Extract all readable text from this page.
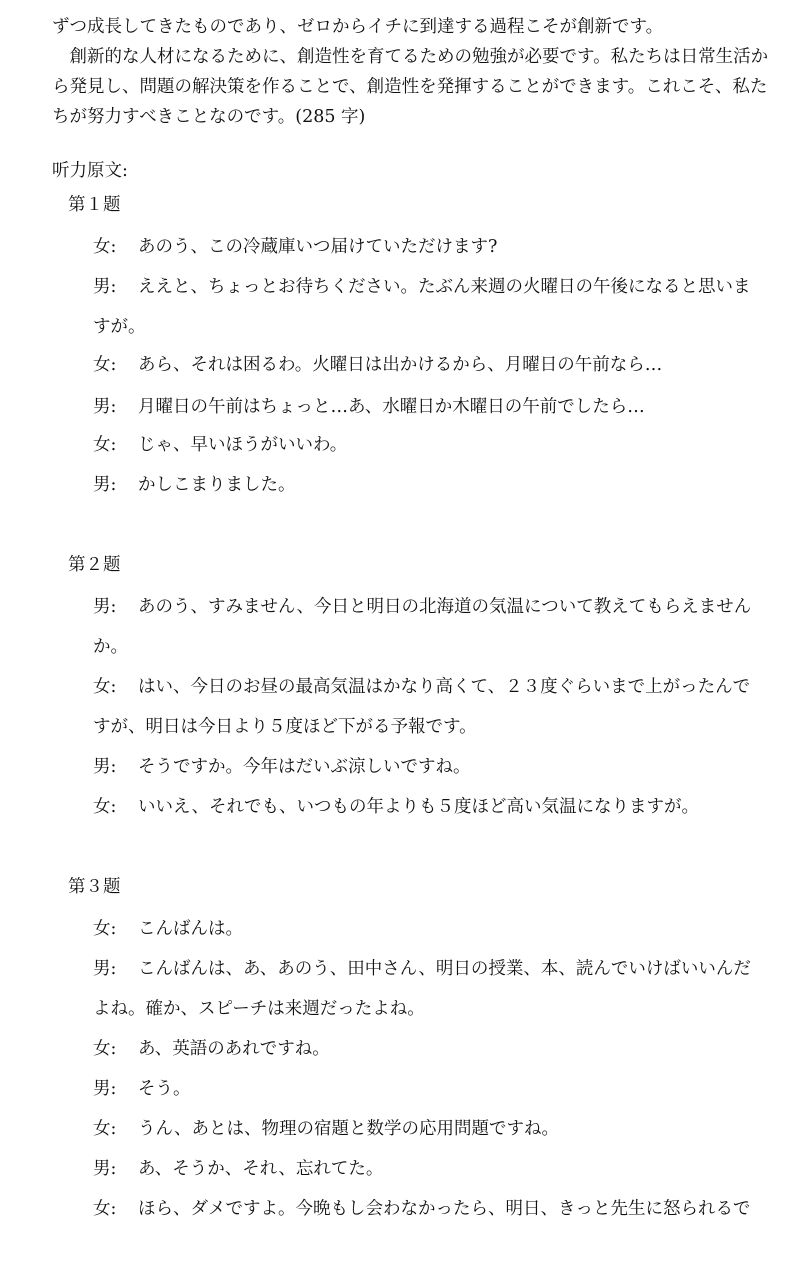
ずつ成長してきたものであり、ゼロからイチに到達する過程こそが創新です。

創新的な人材になるために、創造性を育てるための勉強が必要です。私たちは日常生活から発見し、問題の解決策を作ることで、創造性を発揮することができます。これこそ、私たちが努力すべきことなのです。(285 字)

听力原文:
第１题
女: あのう、この冷蔵庫いつ届けていただけます?
男: ええと、ちょっとお待ちください。たぶん来週の火曜日の午後になると思いま
すが。
女: あら、それは困るわ。火曜日は出かけるから、月曜日の午前なら…
男: 月曜日の午前はちょっと…あ、水曜日か木曜日の午前でしたら…
女: じゃ、早いほうがいいわ。
男: かしこまりました。
第２题
男: あのう、すみません、今日と明日の北海道の気温について教えてもらえません
か。
女: はい、今日のお昼の最高気温はかなり高くて、２３度ぐらいまで上がったんで
すが、明日は今日より５度ほど下がる予報です。
男: そうですか。今年はだいぶ涼しいですね。
女: いいえ、それでも、いつもの年よりも５度ほど高い気温になりますが。
第３题
女: こんばんは。
男: こんばんは、あ、あのう、田中さん、明日の授業、本、読んでいけばいいんだ
よね。確か、スピーチは来週だったよね。
女: あ、英語のあれですね。
男: そう。
女: うん、あとは、物理の宿題と数学の応用問題ですね。
男: あ、そうか、それ、忘れてた。
女: ほら、ダメですよ。今晩もし会わなかったら、明日、きっと先生に怒られるで
